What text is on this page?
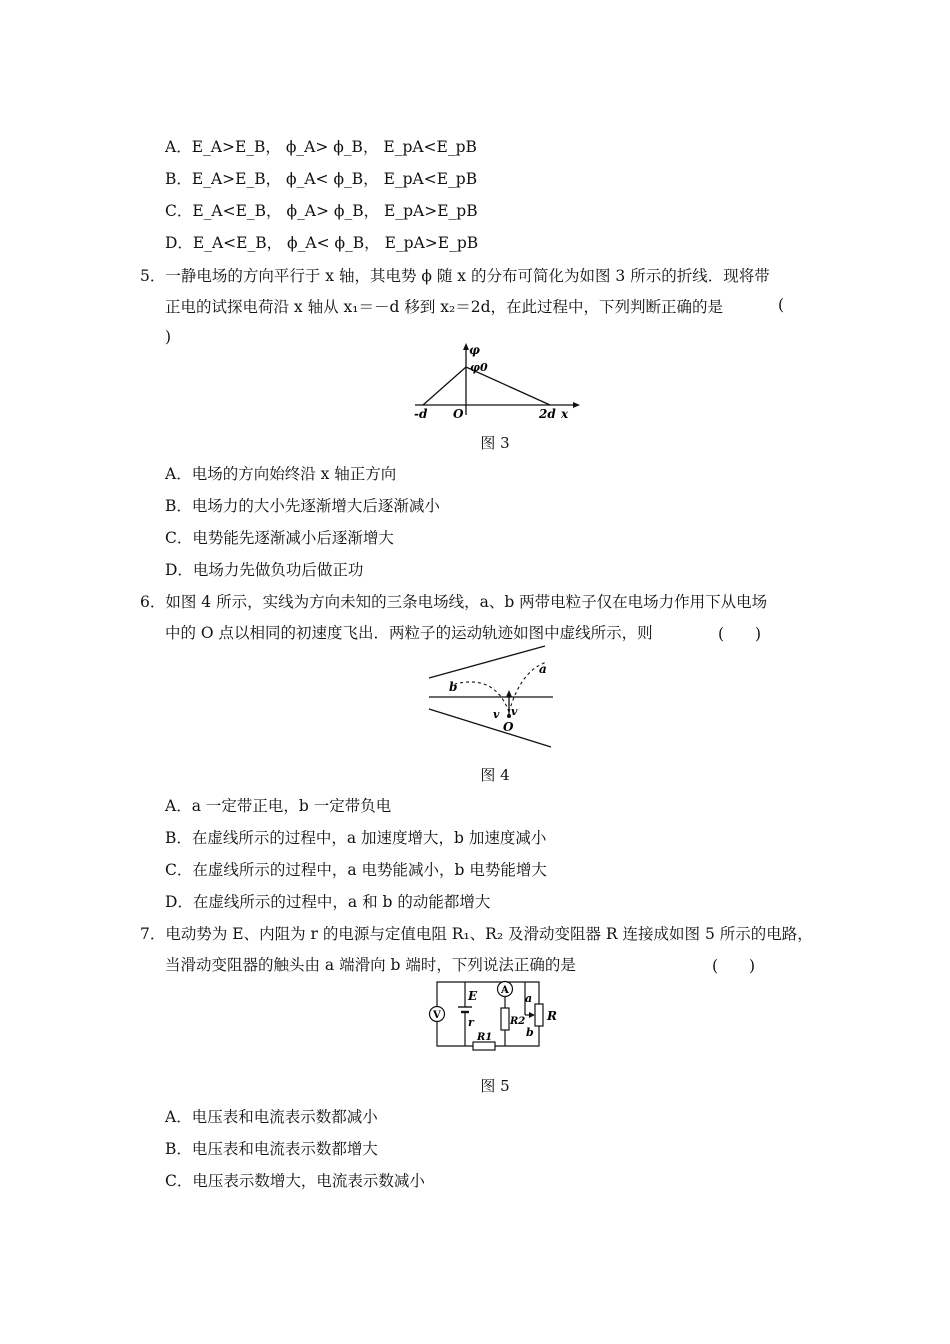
A．E_A>E_B， ϕ_A> ϕ_B， E_pA<E_pB
B．E_A>E_B， ϕ_A< ϕ_B， E_pA<E_pB
C．E_A<E_B， ϕ_A> ϕ_B， E_pA>E_pB
D．E_A<E_B， ϕ_A< ϕ_B， E_pA>E_pB
5．一静电场的方向平行于 x 轴，其电势 ϕ 随 x 的分布可简化为如图 3 所示的折线．现将带
正电的试探电荷沿 x 轴从 x₁＝－d 移到 x₂＝2d，在此过程中，下列判断正确的是	(
)
φ
φ0
-d O	2d x
图 3
A．电场的方向始终沿 x 轴正方向
B．电场力的大小先逐渐增大后逐渐减小
C．电势能先逐渐减小后逐渐增大
D．电场力先做负功后做正功
6．如图 4 所示，实线为方向未知的三条电场线，a、b 两带电粒子仅在电场力作用下从电场
中的 O 点以相同的初速度飞出．两粒子的运动轨迹如图中虚线所示，则	(　　)
a
b
v v
O
图 4
A．a 一定带正电，b 一定带负电
B．在虚线所示的过程中，a 加速度增大，b 加速度减小
C．在虚线所示的过程中，a 电势能减小，b 电势能增大
D．在虚线所示的过程中，a 和 b 的动能都增大
7．电动势为 E、内阻为 r 的电源与定值电阻 R₁、R₂ 及滑动变阻器 R 连接成如图 5 所示的电路，
当滑动变阻器的触头由 a 端滑向 b 端时，下列说法正确的是	(　　)
V
E
r
R1
A
R2 R
a
b
图 5
A．电压表和电流表示数都减小
B．电压表和电流表示数都增大
C．电压表示数增大，电流表示数减小
